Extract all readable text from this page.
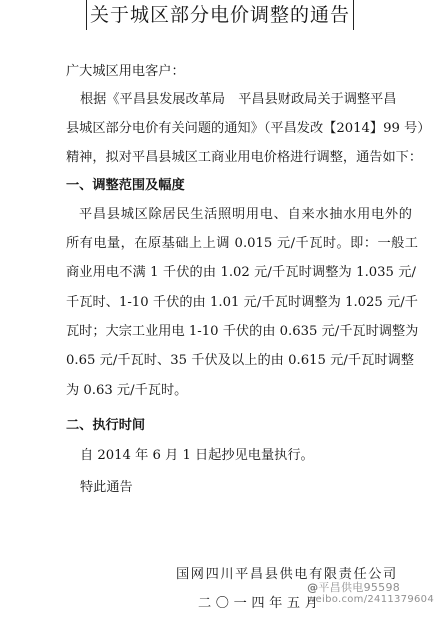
关于城区部分电价调整的通告
广大城区用电客户：
根据《平昌县发展改革局　平昌县财政局关于调整平昌
县城区部分电价有关问题的通知》（平昌发改【2014】99 号）
精神，拟对平昌县城区工商业用电价格进行调整，通告如下：
一、调整范围及幅度
平昌县城区除居民生活照明用电、自来水抽水用电外的
所有电量，在原基础上上调 0.015 元/千瓦时。即：一般工
商业用电不满 1 千伏的由 1.02 元/千瓦时调整为 1.035 元/
千瓦时、1-10 千伏的由 1.01 元/千瓦时调整为 1.025 元/千
瓦时；大宗工业用电 1-10 千伏的由 0.635 元/千瓦时调整为
0.65 元/千瓦时、35 千伏及以上的由 0.615 元/千瓦时调整
为 0.63 元/千瓦时。
二、执行时间
自 2014 年 6 月 1 日起抄见电量执行。
特此通告
国网四川平昌县供电有限责任公司
二〇一四年五月
@平昌供电95598
weibo.com/2411379604
